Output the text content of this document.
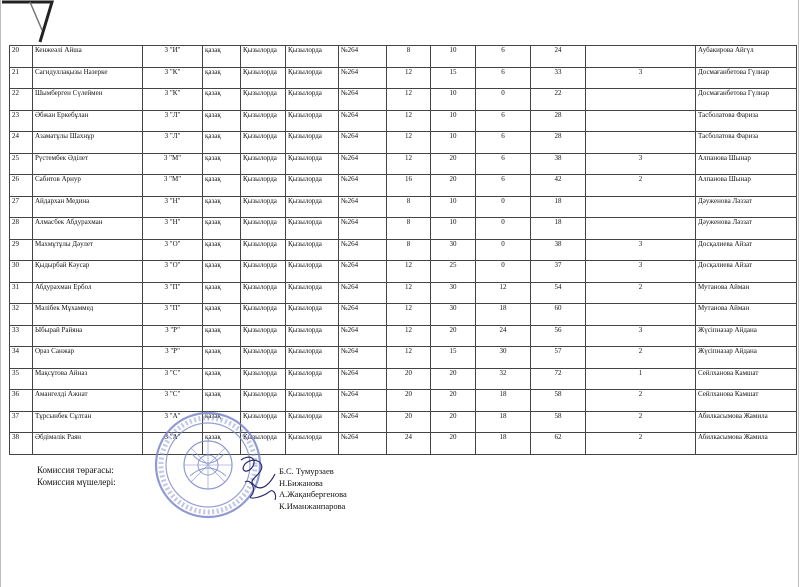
20	Кенжеәлі Айша	3 "И"	қазақ	Қызылорда	Қызылорда	№264	8	10	6	24		Аубакирова Айгүл
21	Сагидуллақызы Назерке	3 "К"	қазақ	Қызылорда	Қызылорда	№264	12	15	6	33	3	Досмағанбетова Гүлнар
22	Шымберген Сүлеймен	3 "К"	қазақ	Қызылорда	Қызылорда	№264	12	10	0	22		Досмағанбетова Гүлнар
23	Әбжан Еркебұлан	3 "Л"	қазақ	Қызылорда	Қызылорда	№264	12	10	6	28		Тасболатова Фариза
24	Азаматұлы Шахнұр	3 "Л"	қазақ	Қызылорда	Қызылорда	№264	12	10	6	28		Тасболатова Фариза
25	Рүстембек Әділет	3 "М"	қазақ	Қызылорда	Қызылорда	№264	12	20	6	38	3	Алпанова Шынар
26	Сабитов Арнур	3 "М"	қазақ	Қызылорда	Қызылорда	№264	16	20	6	42	2	Алпанова Шынар
27	Айдархан Медина	3 "Н"	қазақ	Қызылорда	Қызылорда	№264	8	10	0	18		Дәуженова Ләззат
28	Алмасбек Абдурахман	3 "Н"	қазақ	Қызылорда	Қызылорда	№264	8	10	0	18		Дәуженова Ләззат
29	Махмұтұлы Дәулет	3 "О"	қазақ	Қызылорда	Қызылорда	№264	8	30	0	38	3	Досқалиева Айзат
30	Қыдырбай Кәусар	3 "О"	қазақ	Қызылорда	Қызылорда	№264	12	25	0	37	3	Досқалиева Айзат
31	Абдурахман Ербол	3 "П"	қазақ	Қызылорда	Қызылорда	№264	12	30	12	54	2	Мутанова Айман
32	Мәлібек Мұхаммед	3 "П"	қазақ	Қызылорда	Қызылорда	№264	12	30	18	60		Мутанова Айман
33	Ыбырай Райяна	3 "Р"	қазақ	Қызылорда	Қызылорда	№264	12	20	24	56	3	Жүсіпназар Айдана
34	Ораз Санжар	3 "Р"	қазақ	Қызылорда	Қызылорда	№264	12	15	30	57	2	Жүсіпназар Айдана
35	Мақсұтова Айназ	3 "С"	қазақ	Қызылорда	Қызылорда	№264	20	20	32	72	1	Сейлханова Камшат
36	Амангелді Ажнат	3 "С"	қазақ	Қызылорда	Қызылорда	№264	20	20	18	58	2	Сейлханова Камшат
37	Тұрсынбек Сұлтан	3 "А"	қазақ	Қызылорда	Қызылорда	№264	20	20	18	58	2	Абилкасымова Жамила
38	Әбдімәлік Раян	3 "А"	қазақ	Қызылорда	Қызылорда	№264	24	20	18	62	2	Абилкасымова Жамила
Комиссия төрағасы:
Комиссия мүшелері:
Б.С. Тумурзаев
Н.Бижанова
А.Жақанбергенова
К.Иманжанпарова
